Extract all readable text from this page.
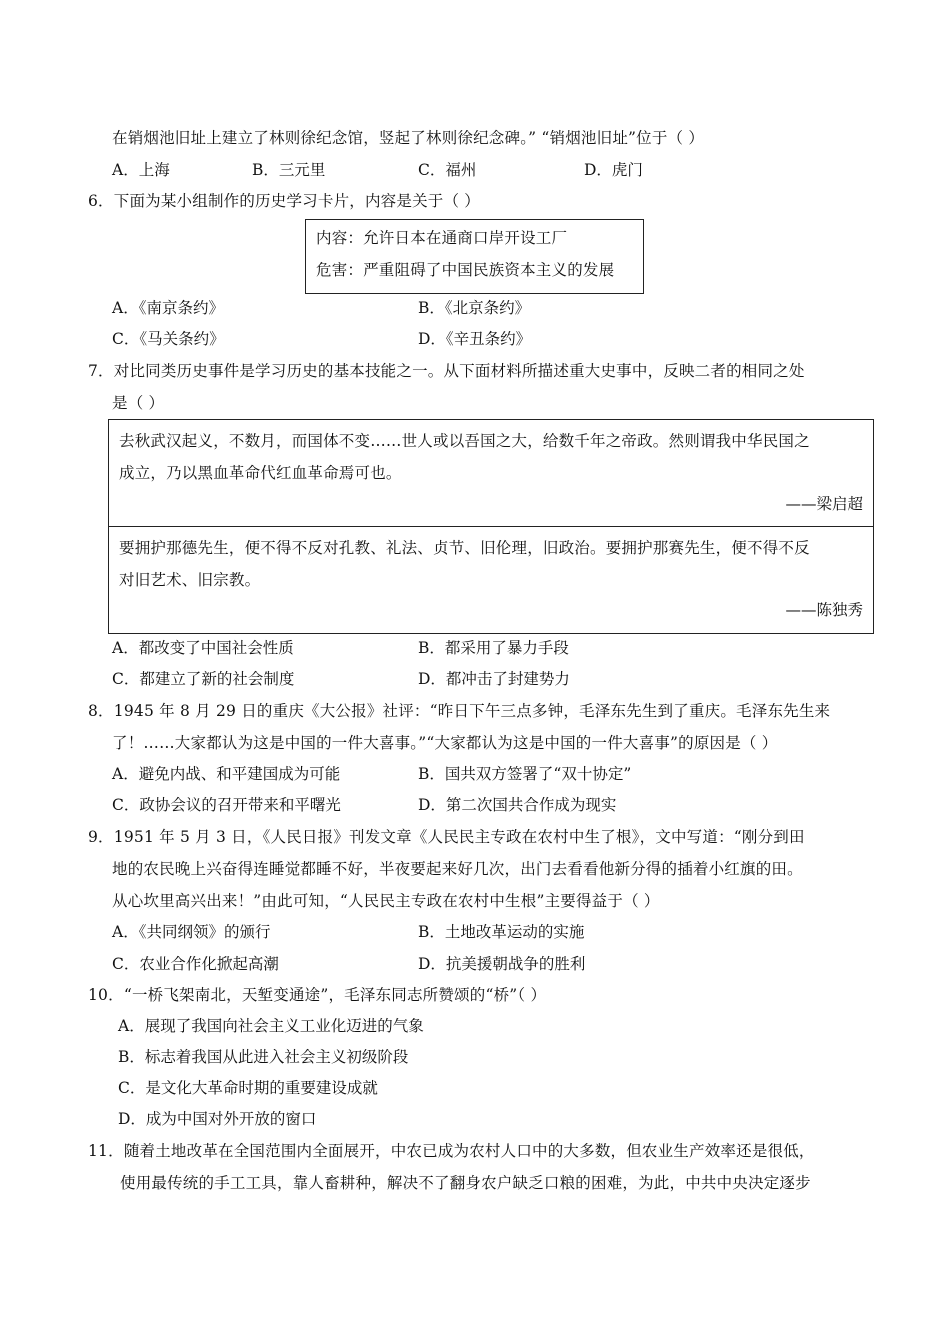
在销烟池旧址上建立了林则徐纪念馆，竖起了林则徐纪念碑。” “销烟池旧址”位于（ ）
A．上海	B．三元里	C．福州	D．虎门
6．下面为某小组制作的历史学习卡片，内容是关于（ ）
内容：允许日本在通商口岸开设工厂
危害：严重阻碍了中国民族资本主义的发展
A．《南京条约》	B．《北京条约》
C．《马关条约》	D．《辛丑条约》
7．对比同类历史事件是学习历史的基本技能之一。从下面材料所描述重大史事中，反映二者的相同之处
是（ ）
去秋武汉起义，不数月，而国体不变……世人或以吾国之大，给数千年之帝政。然则谓我中华民国之
成立，乃以黑血革命代红血革命焉可也。
——梁启超
要拥护那德先生，便不得不反对孔教、礼法、贞节、旧伦理，旧政治。要拥护那赛先生，便不得不反
对旧艺术、旧宗教。
——陈独秀
A．都改变了中国社会性质	B．都采用了暴力手段
C．都建立了新的社会制度	D．都冲击了封建势力
8．1945 年 8 月 29 日的重庆《大公报》社评：“昨日下午三点多钟，毛泽东先生到了重庆。毛泽东先生来
了！……大家都认为这是中国的一件大喜事。”“大家都认为这是中国的一件大喜事”的原因是（ ）
A．避免内战、和平建国成为可能	B．国共双方签署了“双十协定”
C．政协会议的召开带来和平曙光	D．第二次国共合作成为现实
9．1951 年 5 月 3 日，《人民日报》刊发文章《人民民主专政在农村中生了根》，文中写道：“刚分到田
地的农民晚上兴奋得连睡觉都睡不好，半夜要起来好几次，出门去看看他新分得的插着小红旗的田。
从心坎里高兴出来！”由此可知，“人民民主专政在农村中生根”主要得益于（ ）
A．《共同纲领》的颁行	B．土地改革运动的实施
C．农业合作化掀起高潮	D．抗美援朝战争的胜利
10．“一桥飞架南北，天堑变通途”，毛泽东同志所赞颂的“桥”（ ）
A．展现了我国向社会主义工业化迈进的气象
B．标志着我国从此进入社会主义初级阶段
C．是文化大革命时期的重要建设成就
D．成为中国对外开放的窗口
11．随着土地改革在全国范围内全面展开，中农已成为农村人口中的大多数，但农业生产效率还是很低，
使用最传统的手工工具，靠人畜耕种，解决不了翻身农户缺乏口粮的困难，为此，中共中央决定逐步
